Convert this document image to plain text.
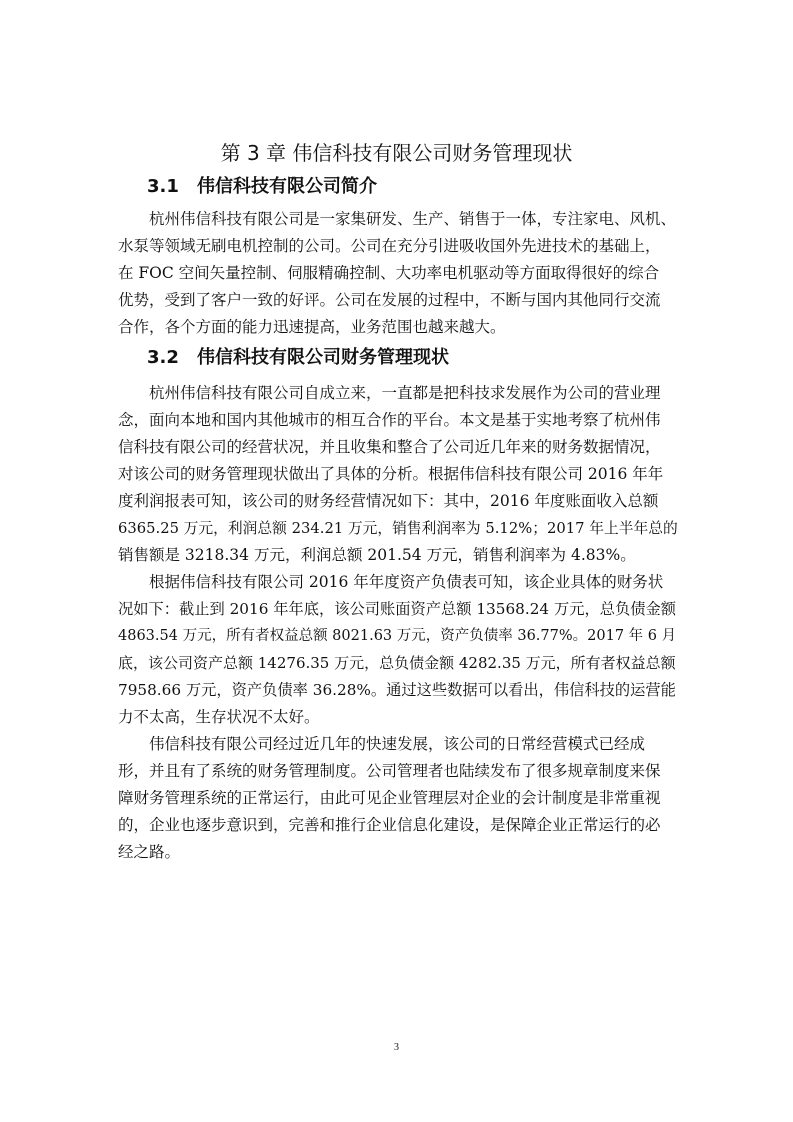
第 3 章 伟信科技有限公司财务管理现状
3.1 伟信科技有限公司简介
杭州伟信科技有限公司是一家集研发、生产、销售于一体，专注家电、风机、
水泵等领域无刷电机控制的公司。公司在充分引进吸收国外先进技术的基础上，
在 FOC 空间矢量控制、伺服精确控制、大功率电机驱动等方面取得很好的综合
优势，受到了客户一致的好评。公司在发展的过程中，不断与国内其他同行交流
合作，各个方面的能力迅速提高，业务范围也越来越大。
3.2 伟信科技有限公司财务管理现状
杭州伟信科技有限公司自成立来，一直都是把科技求发展作为公司的营业理
念，面向本地和国内其他城市的相互合作的平台。本文是基于实地考察了杭州伟
信科技有限公司的经营状况，并且收集和整合了公司近几年来的财务数据情况，
对该公司的财务管理现状做出了具体的分析。根据伟信科技有限公司 2016 年年
度利润报表可知，该公司的财务经营情况如下：其中，2016 年度账面收入总额
6365.25 万元，利润总额 234.21 万元，销售利润率为 5.12%；2017 年上半年总的
销售额是 3218.34 万元，利润总额 201.54 万元，销售利润率为 4.83%。
根据伟信科技有限公司 2016 年年度资产负债表可知，该企业具体的财务状
况如下：截止到 2016 年年底，该公司账面资产总额 13568.24 万元，总负债金额
4863.54 万元，所有者权益总额 8021.63 万元，资产负债率 36.77%。2017 年 6 月
底，该公司资产总额 14276.35 万元，总负债金额 4282.35 万元，所有者权益总额
7958.66 万元，资产负债率 36.28%。通过这些数据可以看出，伟信科技的运营能
力不太高，生存状况不太好。
伟信科技有限公司经过近几年的快速发展，该公司的日常经营模式已经成
形，并且有了系统的财务管理制度。公司管理者也陆续发布了很多规章制度来保
障财务管理系统的正常运行，由此可见企业管理层对企业的会计制度是非常重视
的，企业也逐步意识到，完善和推行企业信息化建设，是保障企业正常运行的必
经之路。
3
